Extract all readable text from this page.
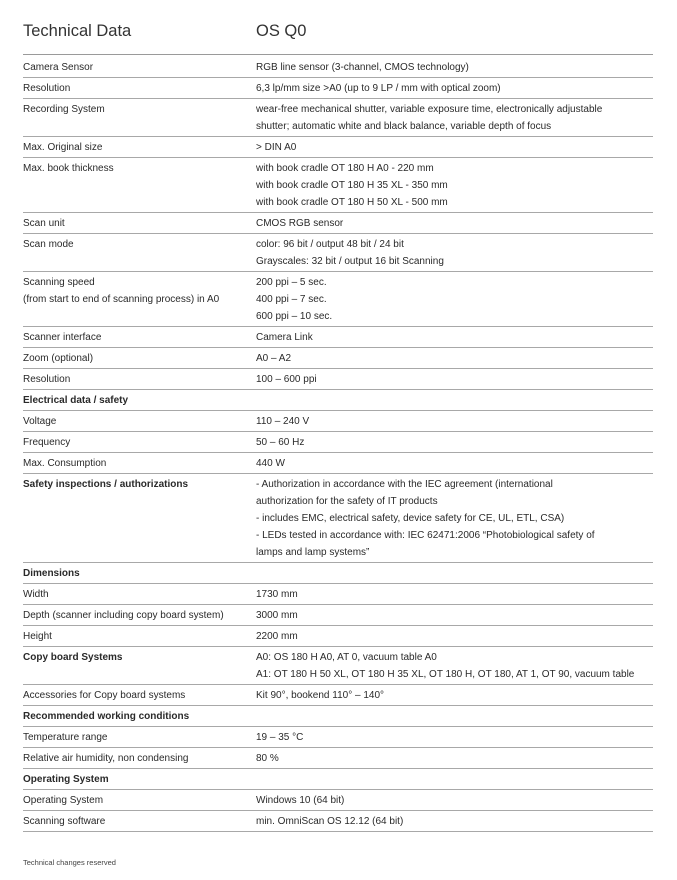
Technical Data	OS Q0
Camera Sensor	RGB line sensor (3-channel, CMOS technology)

Resolution	6,3 lp/mm size >A0 (up to 9 LP / mm with optical zoom)

Recording System	wear-free mechanical shutter, variable exposure time, electronically adjustable
shutter; automatic white and black balance, variable depth of focus

Max. Original size	> DIN A0

Max. book thickness	with book cradle OT 180 H A0 - 220 mm
with book cradle OT 180 H 35 XL - 350 mm
with book cradle OT 180 H 50 XL - 500 mm

Scan unit	CMOS RGB sensor

Scan mode	color: 96 bit / output 48 bit / 24 bit
Grayscales: 32 bit / output 16 bit Scanning

Scanning speed
(from start to end of scanning process) in A0	200 ppi – 5 sec.
400 ppi – 7 sec.
600 ppi – 10 sec.

Scanner interface	Camera Link

Zoom (optional)	A0 – A2

Resolution	100 – 600 ppi

Electrical data / safety	

Voltage	110 – 240 V

Frequency	50 – 60 Hz

Max. Consumption	440 W

Safety inspections / authorizations	- Authorization in accordance with the IEC agreement (international
authorization for the safety of IT products
- includes EMC, electrical safety, device safety for CE, UL, ETL, CSA)
- LEDs tested in accordance with: IEC 62471:2006 “Photobiological safety of
lamps and lamp systems”

Dimensions	

Width	1730 mm

Depth (scanner including copy board system)	3000 mm

Height	2200 mm

Copy board Systems	A0: OS 180 H A0, AT 0, vacuum table A0
A1: OT 180 H 50 XL, OT 180 H 35 XL, OT 180 H, OT 180, AT 1, OT 90, vacuum table

Accessories for Copy board systems	Kit 90°, bookend 110° – 140°

Recommended working conditions	

Temperature range	19 – 35 °C

Relative air humidity, non condensing	80 %

Operating System	

Operating System	Windows 10 (64 bit)

Scanning software	min. OmniScan OS 12.12 (64 bit)
Technical changes reserved
